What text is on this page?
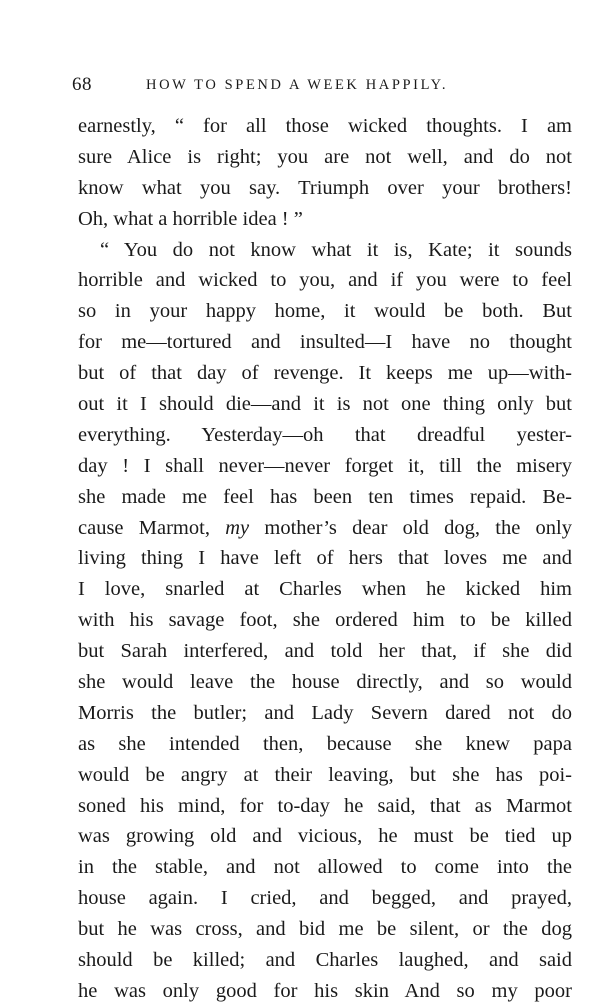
68	HOW TO SPEND A WEEK HAPPILY.
earnestly, “ for all those wicked thoughts. I am
sure Alice is right; you are not well, and do not
know what you say. Triumph over your brothers!
Oh, what a horrible idea ! ”
“ You do not know what it is, Kate; it sounds
horrible and wicked to you, and if you were to feel
so in your happy home, it would be both. But
for me—tortured and insulted—I have no thought
but of that day of revenge. It keeps me up—with-
out it I should die—and it is not one thing only but
everything. Yesterday—oh that dreadful yester-
day ! I shall never—never forget it, till the misery
she made me feel has been ten times repaid. Be-
cause Marmot, my mother’s dear old dog, the only
living thing I have left of hers that loves me and
I love, snarled at Charles when he kicked him
with his savage foot, she ordered him to be killed
but Sarah interfered, and told her that, if she did
she would leave the house directly, and so would
Morris the butler; and Lady Severn dared not do
as she intended then, because she knew papa
would be angry at their leaving, but she has poi-
soned his mind, for to-day he said, that as Marmot
was growing old and vicious, he must be tied up
in the stable, and not allowed to come into the
house again. I cried, and begged, and prayed,
but he was cross, and bid me be silent, or the dog
should be killed; and Charles laughed, and said
he was only good for his skin And so my poor
